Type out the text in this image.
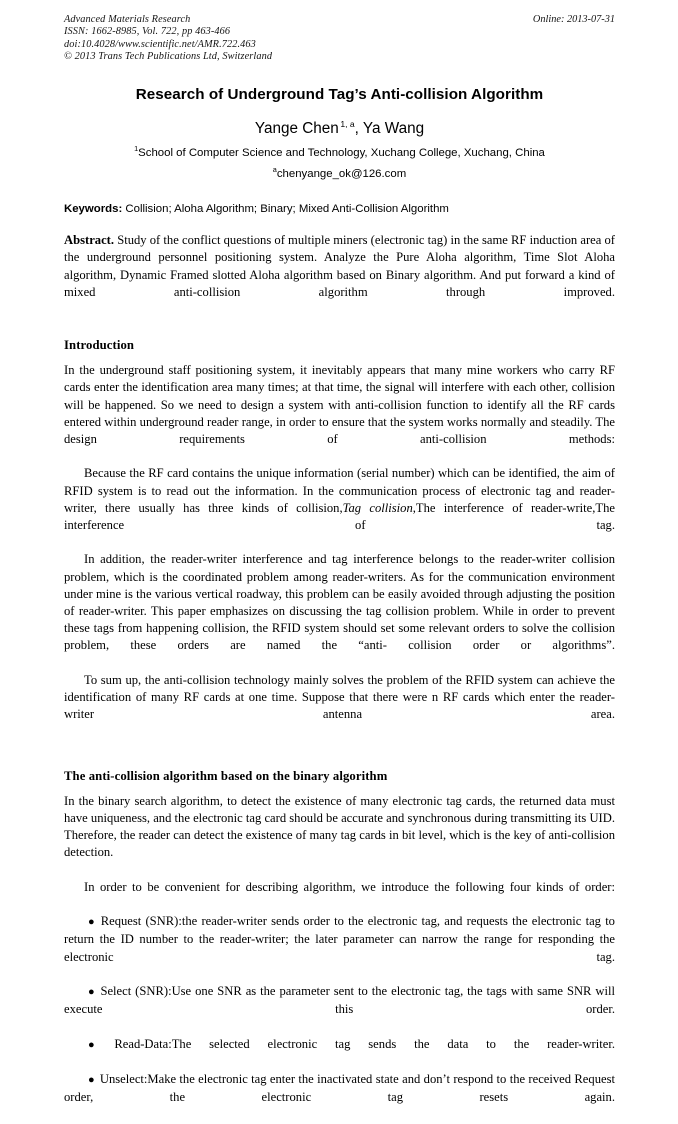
Advanced Materials Research
ISSN: 1662-8985, Vol. 722, pp 463-466
doi:10.4028/www.scientific.net/AMR.722.463
© 2013 Trans Tech Publications Ltd, Switzerland
Online: 2013-07-31
Research of Underground Tag’s Anti-collision Algorithm
Yange Chen $^{1, a}$, Ya Wang
$^1$School of Computer Science and Technology, Xuchang College, Xuchang, China
$^a$chenyange_ok@126.com
Keywords: Collision; Aloha Algorithm; Binary; Mixed Anti-Collision Algorithm
Abstract. Study of the conflict questions of multiple miners (electronic tag) in the same RF induction area of the underground personnel positioning system. Analyze the Pure Aloha algorithm, Time Slot Aloha algorithm, Dynamic Framed slotted Aloha algorithm based on Binary algorithm. And put forward a kind of mixed anti-collision algorithm through improved.
Introduction

In the underground staff positioning system, it inevitably appears that many mine workers who carry RF cards enter the identification area many times; at that time, the signal will interfere with each other, collision will be happened. So we need to design a system with anti-collision function to identify all the RF cards entered within underground reader range, in order to ensure that the system works normally and steadily. The design requirements of anti-collision methods:

Because the RF card contains the unique information (serial number) which can be identified, the aim of RFID system is to read out the information. In the communication process of electronic tag and reader-writer, there usually has three kinds of collision,Tag collision,The interference of reader-write,The interference of tag.

In addition, the reader-writer interference and tag interference belongs to the reader-writer collision problem, which is the coordinated problem among reader-writers. As for the communication environment under mine is the various vertical roadway, this problem can be easily avoided through adjusting the position of reader-writer. This paper emphasizes on discussing the tag collision problem. While in order to prevent these tags from happening collision, the RFID system should set some relevant orders to solve the collision problem, these orders are named the “anti- collision order or algorithms”.

To sum up, the anti-collision technology mainly solves the problem of the RFID system can achieve the identification of many RF cards at one time. Suppose that there were n RF cards which enter the reader-writer antenna area.

The anti-collision algorithm based on the binary algorithm

In the binary search algorithm, to detect the existence of many electronic tag cards, the returned data must have uniqueness, and the electronic tag card should be accurate and synchronous during transmitting its UID. Therefore, the reader can detect the existence of many tag cards in bit level, which is the key of anti-collision detection.

In order to be convenient for describing algorithm, we introduce the following four kinds of order:

● Request (SNR):the reader-writer sends order to the electronic tag, and requests the electronic tag to return the ID number to the reader-writer; the later parameter can narrow the range for responding the electronic tag.

● Select (SNR):Use one SNR as the parameter sent to the electronic tag, the tags with same SNR will execute this order.

● Read-Data:The selected electronic tag sends the data to the reader-writer.

● Unselect:Make the electronic tag enter the inactivated state and don’t respond to the received Request order, the electronic tag resets again.
